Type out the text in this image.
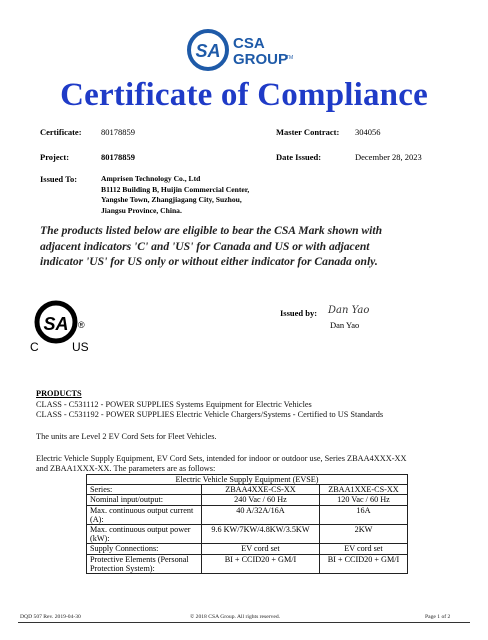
SA CSA
GROUP
TM
Certificate of Compliance
Certificate: 80178859	Master Contract: 304056
Project:	80178859	Date Issued:	December 28, 2023
Issued To:	Amprisen Technology Co., Ltd
B1112 Building B, Huijin Commercial Center,
Yangshe Town, Zhangjiagang City, Suzhou,
Jiangsu Province, China.
The products listed below are eligible to bear the CSA Mark shown with
adjacent indicators 'C' and 'US' for Canada and US or with adjacent
indicator 'US' for US only or without either indicator for Canada only.
SA ®
C	US
Issued by: Dan Yao
Dan Yao
PRODUCTS
CLASS - C531112 - POWER SUPPLIES Systems Equipment for Electric Vehicles
CLASS - C531192 - POWER SUPPLIES Electric Vehicle Chargers/Systems - Certified to US Standards
The units are Level 2 EV Cord Sets for Fleet Vehicles.
Electric Vehicle Supply Equipment, EV Cord Sets, intended for indoor or outdoor use, Series ZBAA4XXX-XX
and ZBAA1XXX-XX. The parameters are as follows:
Electric Vehicle Supply Equipment (EVSE)		
Series:	ZBAA4XXE-CS-XX	ZBAA1XXE-CS-XX
Nominal input/output:	240 Vac / 60 Hz	120 Vac / 60 Hz
Max. continuous output current (A):	40 A/32A/16A	16A
Max. continuous output power (kW):	9.6 KW/7KW/4.8KW/3.5KW	2KW
Supply Connections:	EV cord set	EV cord set
Protective Elements (Personal Protection System):	BI + CCID20 + GM/I	BI + CCID20 + GM/I
DQD 507 Rev. 2019-04-30	© 2018 CSA Group. All rights reserved.	Page 1 of 2
